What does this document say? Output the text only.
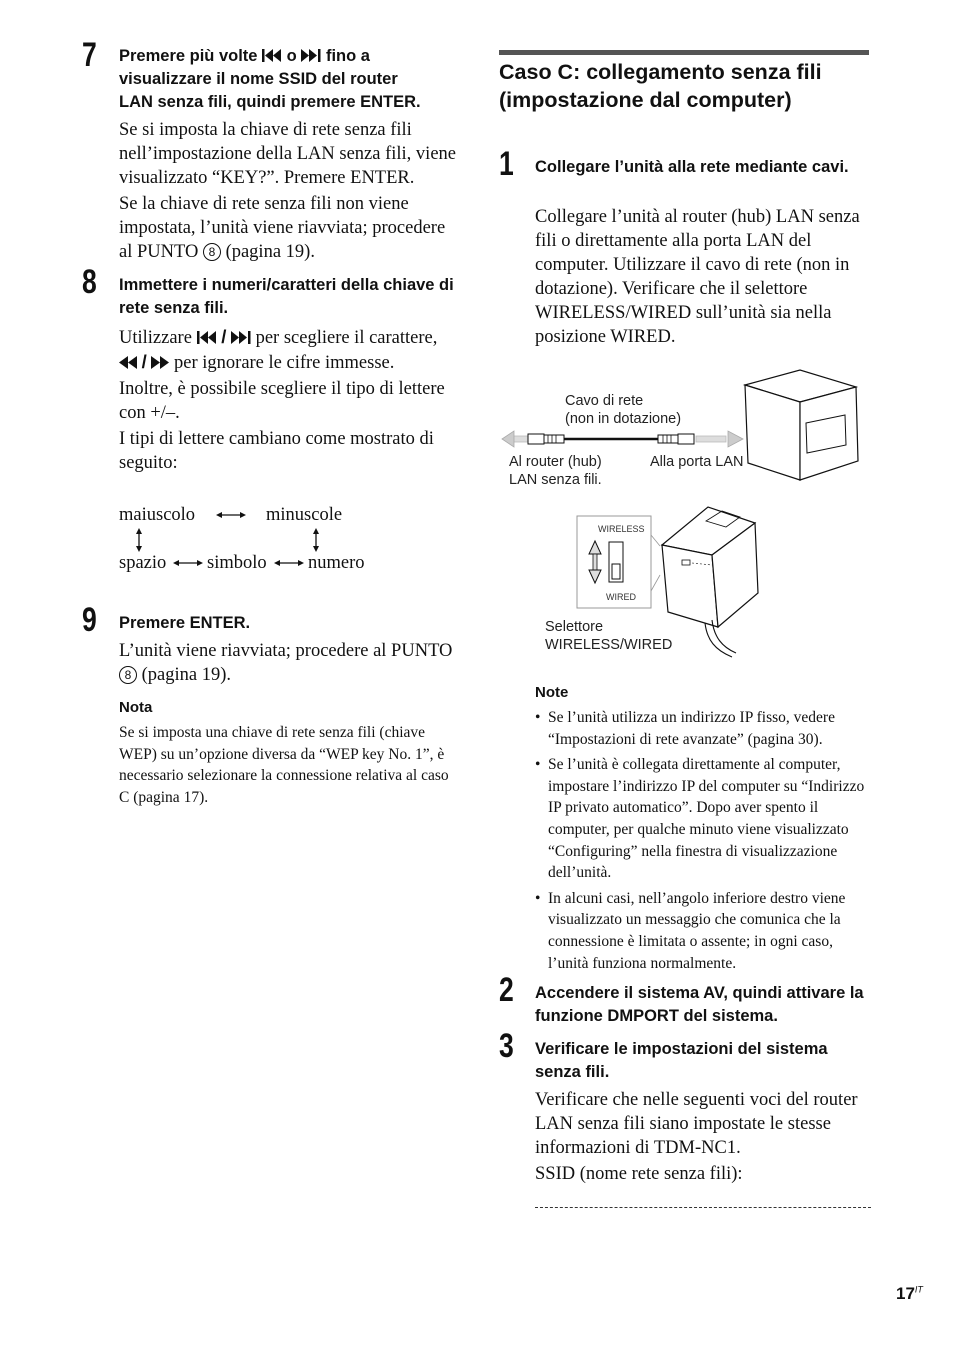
7 Premere più volte o fino a
visualizzare il nome SSID del router
LAN senza fili, quindi premere ENTER.

Se si imposta la chiave di rete senza fili nell’impostazione della LAN senza fili, viene visualizzato “KEY?”. Premere ENTER.

Se la chiave di rete senza fili non viene impostata, l’unità viene riavviata; procedere al PUNTO 8 (pagina 19).

8 Immettere i numeri/caratteri della chiave di rete senza fili.

Utilizzare / per scegliere il carattere,  / per ignorare le cifre immesse.

Inoltre, è possibile scegliere il tipo di lettere con +/–.

I tipi di lettere cambiano come mostrato di seguito:

maiuscolo	minuscole
spazio simbolo numero
9 Premere ENTER.

L’unità viene riavviata; procedere al PUNTO 8 (pagina 19).

Nota
Se si imposta una chiave di rete senza fili (chiave WEP) su un’opzione diversa da “WEP key No. 1”, è necessario selezionare la connessione relativa al caso C (pagina 17).
Caso C: collegamento senza fili (impostazione dal computer)
1 Collegare l’unità alla rete mediante cavi.
Collegare l’unità al router (hub) LAN senza fili o direttamente alla porta LAN del computer. Utilizzare il cavo di rete (non in dotazione). Verificare che il selettore WIRELESS/WIRED sull’unità sia nella posizione WIRED.
Cavo di rete
(non in dotazione)
Al router (hub)
LAN senza fili.
Alla porta LAN
WIRELESS
WIRED
Selettore
WIRELESS/WIRED
Note
• Se l’unità utilizza un indirizzo IP fisso, vedere “Impostazioni di rete avanzate” (pagina 30).
• Se l’unità è collegata direttamente al computer, impostare l’indirizzo IP del computer su “Indirizzo IP privato automatico”. Dopo aver spento il computer, per qualche minuto viene visualizzato “Configuring” nella finestra di visualizzazione dell’unità.
• In alcuni casi, nell’angolo inferiore destro viene visualizzato un messaggio che comunica che la connessione è limitata o assente; in ogni caso, l’unità funziona normalmente.
2 Accendere il sistema AV, quindi attivare la funzione DMPORT del sistema.
3 Verificare le impostazioni del sistema senza fili.

Verificare che nelle seguenti voci del router LAN senza fili siano impostate le stesse informazioni di TDM-NC1.

SSID (nome rete senza fili):

$17^{IT}$
